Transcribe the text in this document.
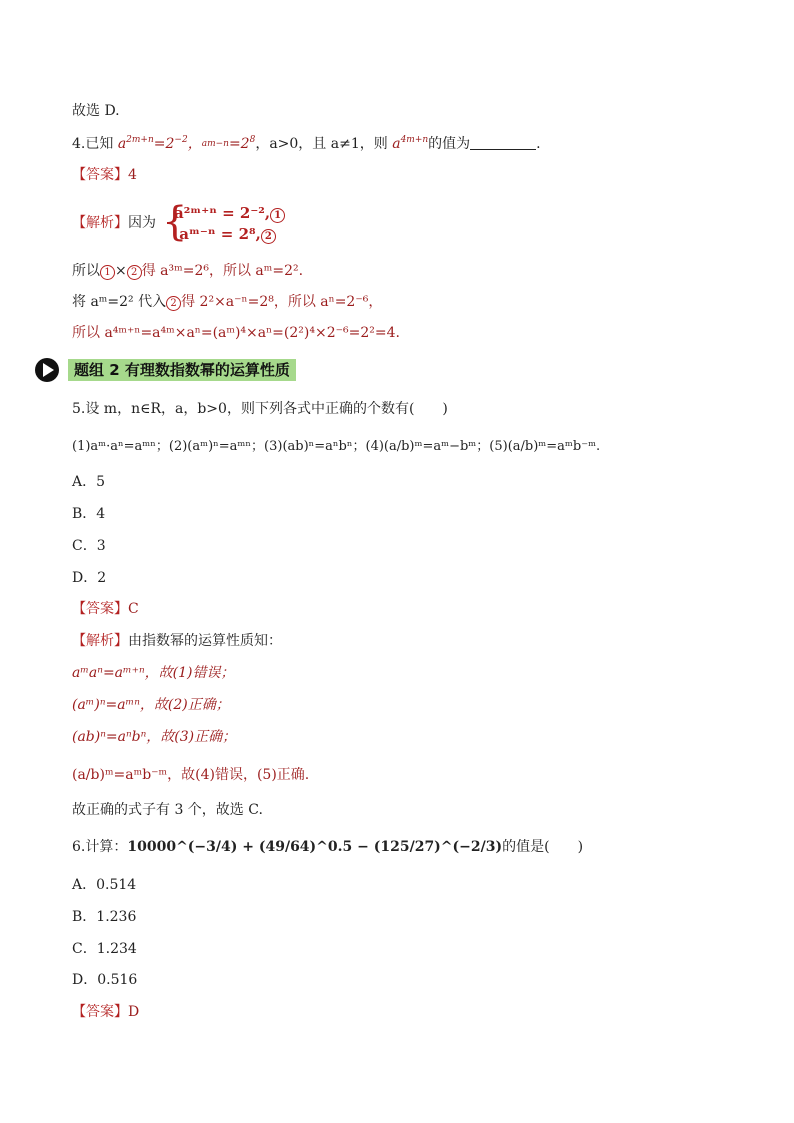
故选 D.
4.已知 $a^{2m+n}=2^{-2}$，$am-n=2^8$，a>0，且 a≠1，则 $a^{4m+n}$的值为	.
【答案】4
【解析】因为 {
a²ᵐ⁺ⁿ = 2⁻², 1
aᵐ⁻ⁿ = 2⁸, 2
所以 1 × 2 得 a³ᵐ=2⁶，所以 aᵐ=2².
将 aᵐ=2² 代入 2 得 2²×a⁻ⁿ=2⁸，所以 aⁿ=2⁻⁶，
所以 a⁴ᵐ⁺ⁿ=a⁴ᵐ×aⁿ=(aᵐ)⁴×aⁿ=(2²)⁴×2⁻⁶=2²=4.
题组 2 有理数指数幂的运算性质
5.设 m，n∈R，a，b>0，则下列各式中正确的个数有(　　)
(1)aᵐ·aⁿ=aᵐⁿ；(2)(aᵐ)ⁿ=aᵐⁿ；(3)(ab)ⁿ=aⁿbⁿ；(4)(a/b)ᵐ=aᵐ−bᵐ；(5)(a/b)ᵐ=aᵐb⁻ᵐ.
A．5
B．4
C．3
D．2
【答案】C
【解析】由指数幂的运算性质知：
aᵐaⁿ=aᵐ⁺ⁿ，故(1)错误；
(aᵐ)ⁿ=aᵐⁿ，故(2)正确；
(ab)ⁿ=aⁿbⁿ，故(3)正确；
(a/b)ᵐ=aᵐb⁻ᵐ，故(4)错误，(5)正确.
故正确的式子有 3 个，故选 C.
6.计算：10000^(−3/4) + (49/64)^0.5 − (125/27)^(−2/3)的值是(　　)
A．0.514
B．1.236
C．1.234
D．0.516
【答案】D
